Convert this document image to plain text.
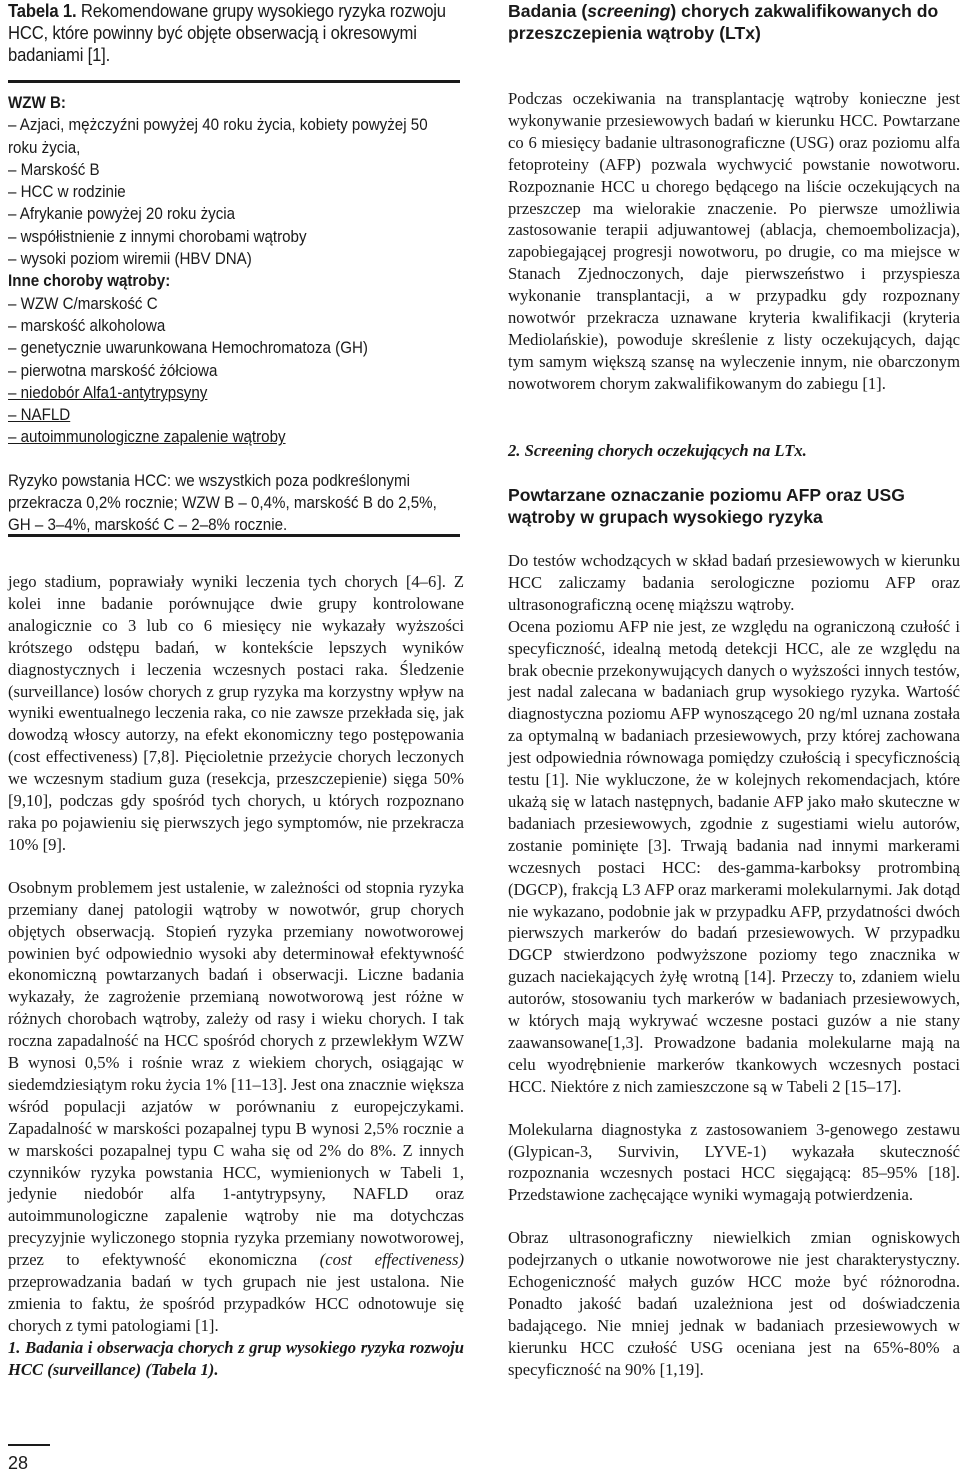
Tabela 1. Rekomendowane grupy wysokiego ryzyka rozwoju HCC, które powinny być objęte obserwacją i okresowymi badaniami [1].

WZW B:
– Azjaci, mężczyźni powyżej 40 roku życia, kobiety powyżej 50 roku życia,
– Marskość B
– HCC w rodzinie
– Afrykanie powyżej 20 roku życia
– współistnienie z innymi chorobami wątroby
– wysoki poziom wiremii (HBV DNA)
Inne choroby wątroby:
– WZW C/marskość C
– marskość alkoholowa
– genetycznie uwarunkowana Hemochromatoza (GH)
– pierwotna marskość żółciowa
– niedobór Alfa1-antytrypsyny
– NAFLD
– autoimmunologiczne zapalenie wątroby
Ryzyko powstania HCC: we wszystkich poza podkreślonymi przekracza 0,2% rocznie; WZW B – 0,4%, marskość B do 2,5%, GH – 3–4%, marskość C – 2–8% rocznie.

jego stadium, poprawiały wyniki leczenia tych chorych [4–6]. Z kolei inne badanie porównujące dwie grupy kontrolowane analogicznie co 3 lub co 6 miesięcy nie wykazały wyższości krótszego odstępu badań, w kontekście lepszych wyników diagnostycznych i leczenia wczesnych postaci raka. Śledzenie (surveillance) losów chorych z grup ryzyka ma korzystny wpływ na wyniki ewentualnego leczenia raka, co nie zawsze przekłada się, jak dowodzą włoscy autorzy, na efekt ekonomiczny tego postępowania (cost effectiveness) [7,8]. Pięcioletnie przeżycie chorych leczonych we wczesnym stadium guza (resekcja, przeszczepienie) sięga 50% [9,10], podczas gdy spośród tych chorych, u których rozpoznano raka po pojawieniu się pierwszych jego symptomów, nie przekracza 10% [9].

Osobnym problemem jest ustalenie, w zależności od stopnia ryzyka przemiany danej patologii wątroby w nowotwór, grup chorych objętych obserwacją. Stopień ryzyka przemiany nowotworowej powinien być odpowiednio wysoki aby determinował efektywność ekonomiczną powtarzanych badań i obserwacji. Liczne badania wykazały, że zagrożenie przemianą nowotworową jest różne w różnych chorobach wątroby, zależy od rasy i wieku chorych. I tak roczna zapadalność na HCC spośród chorych z przewlekłym WZW B wynosi 0,5% i rośnie wraz z wiekiem chorych, osiągając w siedemdziesiątym roku życia 1% [11–13]. Jest ona znacznie większa wśród populacji azjatów w porównaniu z europejczykami. Zapadalność w marskości pozapalnej typu B wynosi 2,5% rocznie a w marskości pozapalnej typu C waha się od 2% do 8%. Z innych czynników ryzyka powstania HCC, wymienionych w Tabeli 1, jedynie niedobór alfa 1-antytrypsyny, NAFLD oraz autoimmunologiczne zapalenie wątroby nie ma dotychczas precyzyjnie wyliczonego stopnia ryzyka przemiany nowotworowej, przez to efektywność ekonomiczna (cost effectiveness) przeprowadzania badań w tych grupach nie jest ustalona. Nie zmienia to faktu, że spośród przypadków HCC odnotowuje się chorych z tymi patologiami [1].

1. Badania i obserwacja chorych z grup wysokiego ryzyka rozwoju HCC (surveillance) (Tabela 1).

28

Badania (screening) chorych zakwalifikowanych do przeszczepienia wątroby (LTx)

Podczas oczekiwania na transplantację wątroby konieczne jest wykonywanie przesiewowych badań w kierunku HCC. Powtarzane co 6 miesięcy badanie ultrasonograficzne (USG) oraz poziomu alfa fetoproteiny (AFP) pozwala wychwycić powstanie nowotworu. Rozpoznanie HCC u chorego będącego na liście oczekujących na przeszczep ma wielorakie znaczenie. Po pierwsze umożliwia zastosowanie terapii adjuwantowej (ablacja, chemoembolizacja), zapobiegającej progresji nowotworu, po drugie, co ma miejsce w Stanach Zjednoczonych, daje pierwszeństwo i przyspiesza wykonanie transplantacji, a w przypadku gdy rozpoznany nowotwór przekracza uznawane kryteria kwalifikacji (kryteria Mediolańskie), powoduje skreślenie z listy oczekujących, dając tym samym większą szansę na wyleczenie innym, nie obarczonym nowotworem chorym zakwalifikowanym do zabiegu [1].

2. Screening chorych oczekujących na LTx.

Powtarzane oznaczanie poziomu AFP oraz USG wątroby w grupach wysokiego ryzyka

Do testów wchodzących w skład badań przesiewowych w kierunku HCC zaliczamy badania serologiczne poziomu AFP oraz ultrasonograficzną ocenę miąższu wątroby.

Ocena poziomu AFP nie jest, ze względu na ograniczoną czułość i specyficzność, idealną metodą detekcji HCC, ale ze względu na brak obecnie przekonywujących danych o wyższości innych testów, jest nadal zalecana w badaniach grup wysokiego ryzyka. Wartość diagnostyczna poziomu AFP wynoszącego 20 ng/ml uznana została za optymalną w badaniach przesiewowych, przy której zachowana jest odpowiednia równowaga pomiędzy czułością i specyficznością testu [1]. Nie wykluczone, że w kolejnych rekomendacjach, które ukażą się w latach następnych, badanie AFP jako mało skuteczne w badaniach przesiewowych, zgodnie z sugestiami wielu autorów, zostanie pominięte [3]. Trwają badania nad innymi markerami wczesnych postaci HCC: des-gamma-karboksy protrombiną (DGCP), frakcją L3 AFP oraz markerami molekularnymi. Jak dotąd nie wykazano, podobnie jak w przypadku AFP, przydatności dwóch pierwszych markerów do badań przesiewowych. W przypadku DGCP stwierdzono podwyższone poziomy tego znacznika w guzach naciekających żyłę wrotną [14]. Przeczy to, zdaniem wielu autorów, stosowaniu tych markerów w badaniach przesiewowych, w których mają wykrywać wczesne postaci guzów a nie stany zaawansowane[1,3]. Prowadzone badania molekularne mają na celu wyodrębnienie markerów tkankowych wczesnych postaci HCC. Niektóre z nich zamieszczone są w Tabeli 2 [15–17].

Molekularna diagnostyka z zastosowaniem 3-genowego zestawu (Glypican-3, Survivin, LYVE-1) wykazała skuteczność rozpoznania wczesnych postaci HCC sięgającą: 85–95% [18]. Przedstawione zachęcające wyniki wymagają potwierdzenia.

Obraz ultrasonograficzny niewielkich zmian ogniskowych podejrzanych o utkanie nowotworowe nie jest charakterystyczny. Echogeniczność małych guzów HCC może być różnorodna. Ponadto jakość badań uzależniona jest od doświadczenia badającego. Nie mniej jednak w badaniach przesiewowych w kierunku HCC czułość USG oceniana jest na 65%-80% a specyficzność na 90% [1,19].
